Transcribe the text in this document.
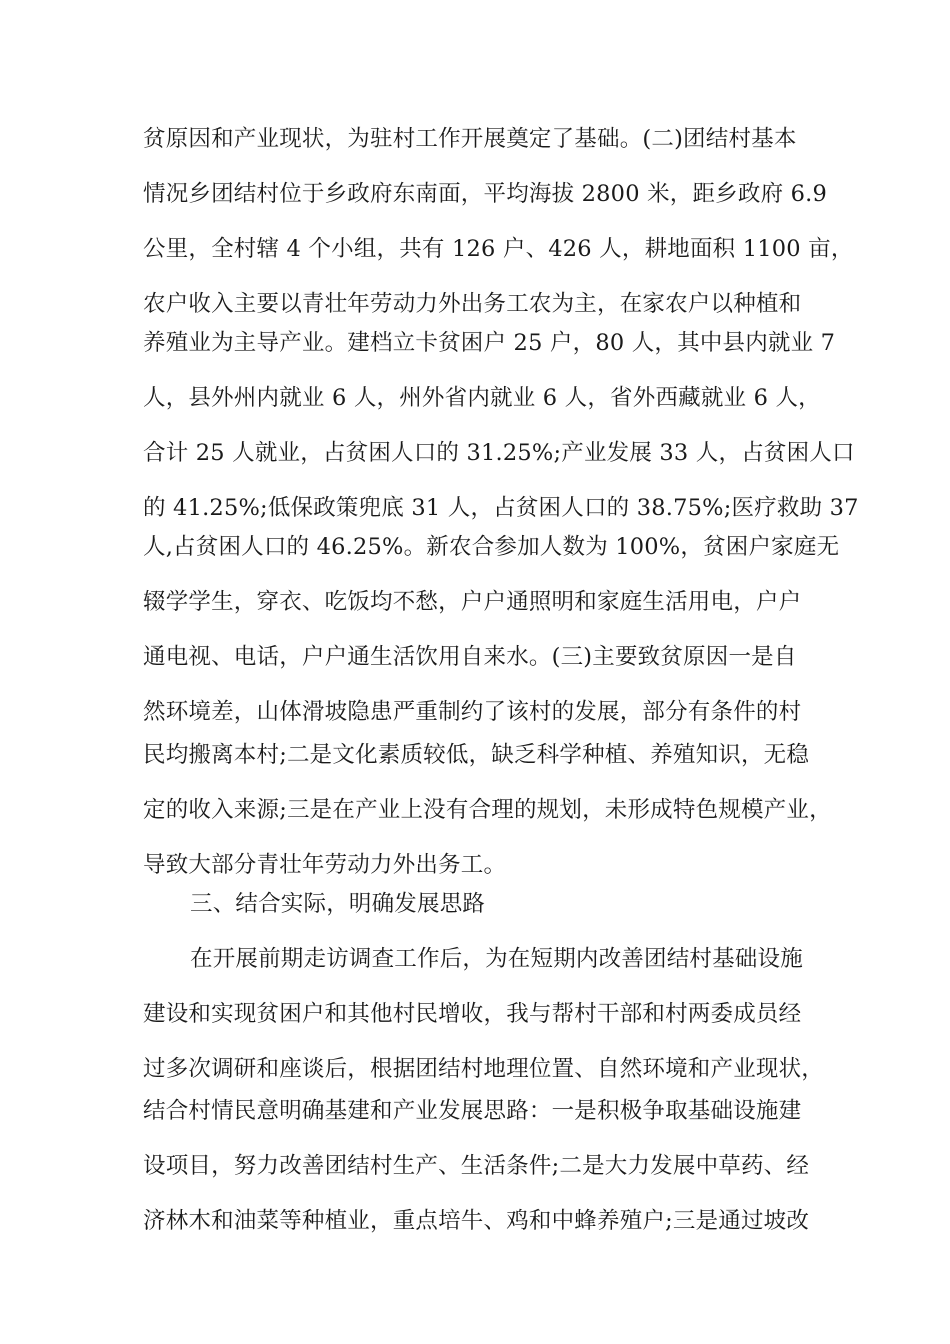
贫原因和产业现状，为驻村工作开展奠定了基础。(二)团结村基本
情况乡团结村位于乡政府东南面，平均海拔 2800 米，距乡政府 6.9
公里，全村辖 4 个小组，共有 126 户、426 人，耕地面积 1100 亩，
农户收入主要以青壮年劳动力外出务工农为主，在家农户以种植和
养殖业为主导产业。建档立卡贫困户 25 户，80 人，其中县内就业 7
人，县外州内就业 6 人，州外省内就业 6 人，省外西藏就业 6 人，
合计 25 人就业，占贫困人口的 31.25%;产业发展 33 人，占贫困人口
的 41.25%;低保政策兜底 31 人，占贫困人口的 38.75%;医疗救助 37
人,占贫困人口的 46.25%。新农合参加人数为 100%，贫困户家庭无
辍学学生，穿衣、吃饭均不愁，户户通照明和家庭生活用电，户户
通电视、电话，户户通生活饮用自来水。(三)主要致贫原因一是自
然环境差，山体滑坡隐患严重制约了该村的发展，部分有条件的村
民均搬离本村;二是文化素质较低，缺乏科学种植、养殖知识，无稳
定的收入来源;三是在产业上没有合理的规划，未形成特色规模产业，
导致大部分青壮年劳动力外出务工。
三、结合实际，明确发展思路
在开展前期走访调查工作后，为在短期内改善团结村基础设施
建设和实现贫困户和其他村民增收，我与帮村干部和村两委成员经
过多次调研和座谈后，根据团结村地理位置、自然环境和产业现状，
结合村情民意明确基建和产业发展思路：一是积极争取基础设施建
设项目，努力改善团结村生产、生活条件;二是大力发展中草药、经
济林木和油菜等种植业，重点培牛、鸡和中蜂养殖户;三是通过坡改
